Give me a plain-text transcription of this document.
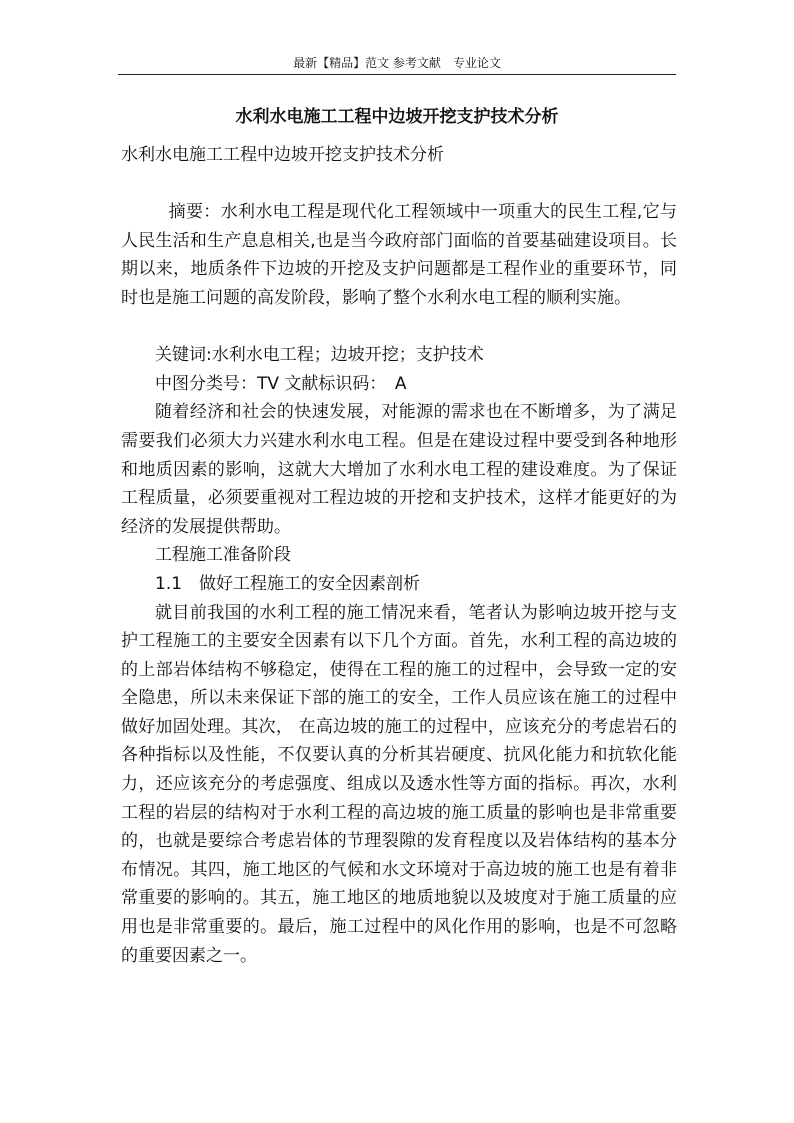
最新【精品】范文 参考文献　专业论文
水利水电施工工程中边坡开挖支护技术分析

水利水电施工工程中边坡开挖支护技术分析

摘要：水利水电工程是现代化工程领域中一项重大的民生工程,它与人民生活和生产息息相关,也是当今政府部门面临的首要基础建设项目。长期以来，地质条件下边坡的开挖及支护问题都是工程作业的重要环节，同时也是施工问题的高发阶段，影响了整个水利水电工程的顺利实施。

关键词:水利水电工程；边坡开挖；支护技术

中图分类号：TV 文献标识码：　A

随着经济和社会的快速发展，对能源的需求也在不断增多，为了满足需要我们必须大力兴建水利水电工程。但是在建设过程中要受到各种地形和地质因素的影响，这就大大增加了水利水电工程的建设难度。为了保证工程质量，必须要重视对工程边坡的开挖和支护技术，这样才能更好的为经济的发展提供帮助。

工程施工准备阶段

1.1　做好工程施工的安全因素剖析

就目前我国的水利工程的施工情况来看，笔者认为影响边坡开挖与支护工程施工的主要安全因素有以下几个方面。首先，水利工程的高边坡的的上部岩体结构不够稳定，使得在工程的施工的过程中，会导致一定的安全隐患，所以未来保证下部的施工的安全，工作人员应该在施工的过程中做好加固处理。其次， 在高边坡的施工的过程中，应该充分的考虑岩石的各种指标以及性能，不仅要认真的分析其岩硬度、抗风化能力和抗软化能力，还应该充分的考虑强度、组成以及透水性等方面的指标。再次，水利工程的岩层的结构对于水利工程的高边坡的施工质量的影响也是非常重要的，也就是要综合考虑岩体的节理裂隙的发育程度以及岩体结构的基本分布情况。其四，施工地区的气候和水文环境对于高边坡的施工也是有着非常重要的影响的。其五，施工地区的地质地貌以及坡度对于施工质量的应用也是非常重要的。最后，施工过程中的风化作用的影响，也是不可忽略的重要因素之一。
